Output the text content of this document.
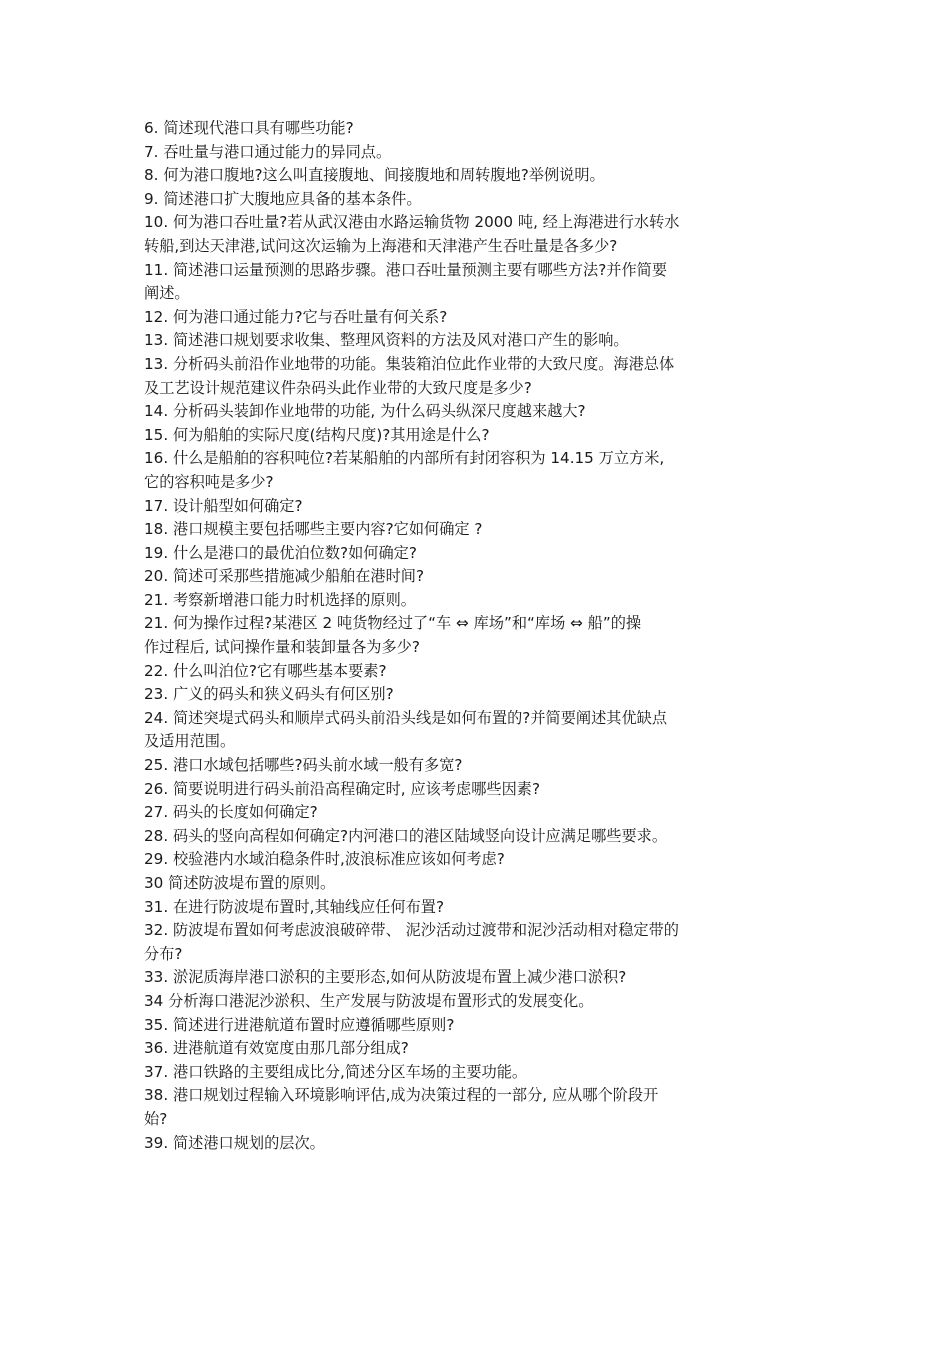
6. 简述现代港口具有哪些功能?
7. 吞吐量与港口通过能力的异同点。
8. 何为港口腹地?这么叫直接腹地、间接腹地和周转腹地?举例说明。
9. 简述港口扩大腹地应具备的基本条件。
10. 何为港口吞吐量?若从武汉港由水路运输货物 2000 吨, 经上海港进行水转水
转船,到达天津港,试问这次运输为上海港和天津港产生吞吐量是各多少?
11. 简述港口运量预测的思路步骤。港口吞吐量预测主要有哪些方法?并作简要
阐述。
12. 何为港口通过能力?它与吞吐量有何关系?
13. 简述港口规划要求收集、整理风资料的方法及风对港口产生的影响。
13. 分析码头前沿作业地带的功能。集装箱泊位此作业带的大致尺度。海港总体
及工艺设计规范建议件杂码头此作业带的大致尺度是多少?
14. 分析码头装卸作业地带的功能, 为什么码头纵深尺度越来越大?
15. 何为船舶的实际尺度(结构尺度)?其用途是什么?
16. 什么是船舶的容积吨位?若某船舶的内部所有封闭容积为 14.15 万立方米,
它的容积吨是多少?
17. 设计船型如何确定?
18. 港口规模主要包括哪些主要内容?它如何确定 ?
19. 什么是港口的最优泊位数?如何确定?
20. 简述可采那些措施减少船舶在港时间?
21. 考察新增港口能力时机选择的原则。
21. 何为操作过程?某港区 2 吨货物经过了“车 ⇔ 库场”和“库场 ⇔ 船”的操
作过程后, 试问操作量和装卸量各为多少?
22. 什么叫泊位?它有哪些基本要素?
23. 广义的码头和狭义码头有何区别?
24. 简述突堤式码头和顺岸式码头前沿头线是如何布置的?并简要阐述其优缺点
及适用范围。
25. 港口水域包括哪些?码头前水域一般有多宽?
26. 简要说明进行码头前沿高程确定时, 应该考虑哪些因素?
27. 码头的长度如何确定?
28. 码头的竖向高程如何确定?内河港口的港区陆域竖向设计应满足哪些要求。
29. 校验港内水域泊稳条件时,波浪标准应该如何考虑?
30 简述防波堤布置的原则。
31. 在进行防波堤布置时,其轴线应任何布置?
32. 防波堤布置如何考虑波浪破碎带、 泥沙活动过渡带和泥沙活动相对稳定带的
分布?
33. 淤泥质海岸港口淤积的主要形态,如何从防波堤布置上减少港口淤积?
34 分析海口港泥沙淤积、生产发展与防波堤布置形式的发展变化。
35. 简述进行进港航道布置时应遵循哪些原则?
36. 进港航道有效宽度由那几部分组成?
37. 港口铁路的主要组成比分,简述分区车场的主要功能。
38. 港口规划过程输入环境影响评估,成为决策过程的一部分, 应从哪个阶段开
始?
39. 简述港口规划的层次。
